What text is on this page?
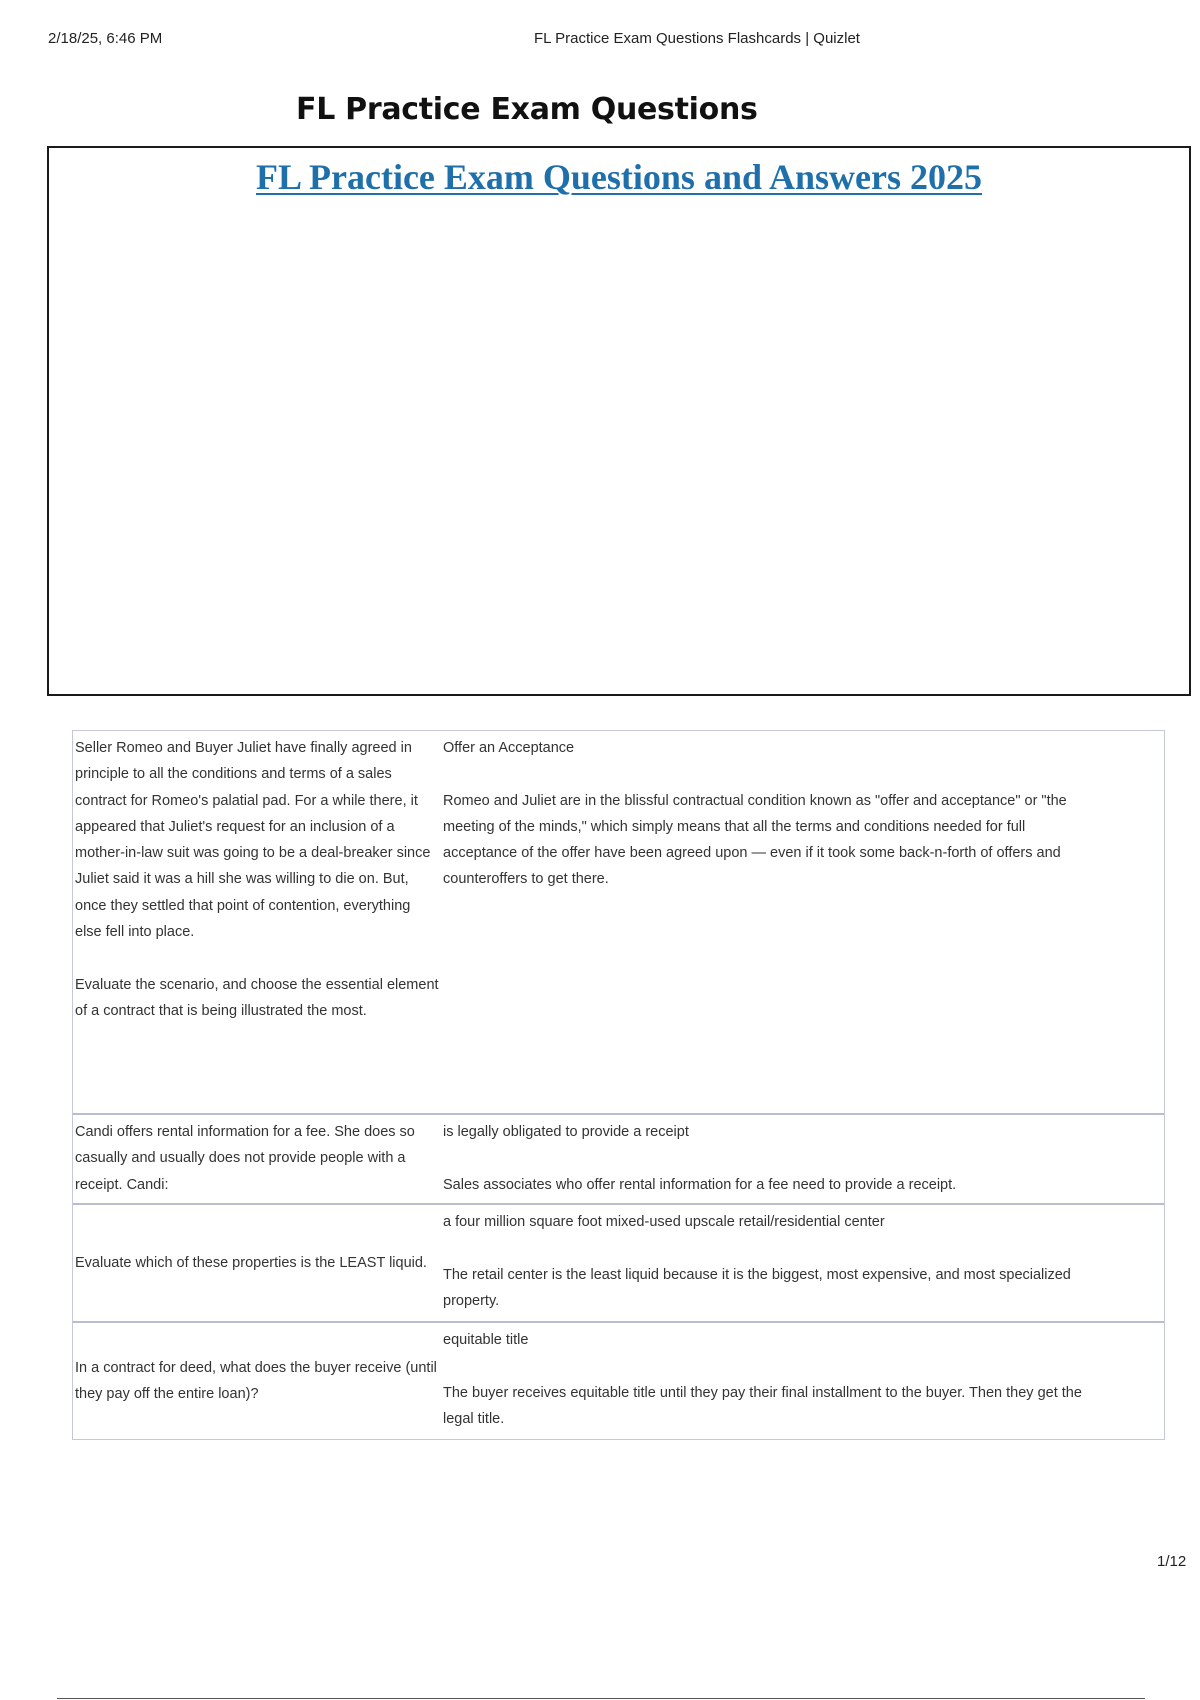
2/18/25, 6:46 PM	FL Practice Exam Questions Flashcards | Quizlet
FL Practice Exam Questions
FL Practice Exam Questions and Answers 2025
Seller Romeo and Buyer Juliet have finally agreed in principle to all the conditions and terms of a sales contract for Romeo's palatial pad. For a while there, it appeared that Juliet's request for an inclusion of a mother-in-law suit was going to be a deal-breaker since Juliet said it was a hill she was willing to die on. But, once they settled that point of contention, everything else fell into place.

Evaluate the scenario, and choose the essential element of a contract that is being illustrated the most.
Offer an Acceptance

Romeo and Juliet are in the blissful contractual condition known as "offer and acceptance" or "the meeting of the minds," which simply means that all the terms and conditions needed for full acceptance of the offer have been agreed upon — even if it took some back-n-forth of offers and counteroffers to get there.
Candi offers rental information for a fee. She does so casually and usually does not provide people with a receipt. Candi:
is legally obligated to provide a receipt

Sales associates who offer rental information for a fee need to provide a receipt.
Evaluate which of these properties is the LEAST liquid.
a four million square foot mixed-used upscale retail/residential center

The retail center is the least liquid because it is the biggest, most expensive, and most specialized property.
In a contract for deed, what does the buyer receive (until they pay off the entire loan)?
equitable title

The buyer receives equitable title until they pay their final installment to the buyer. Then they get the legal title.
1/12
